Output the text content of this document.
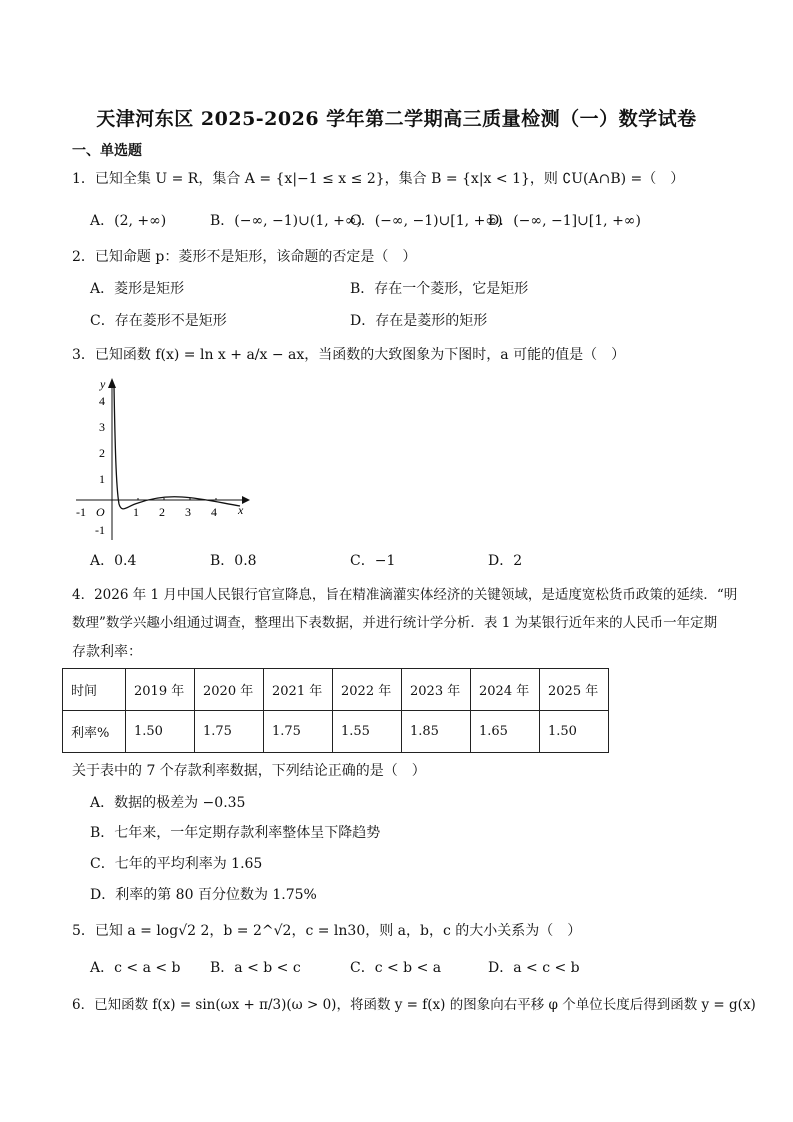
天津河东区 2025-2026 学年第二学期高三质量检测（一）数学试卷
一、单选题
1．已知全集 U = R，集合 A = {x|−1 ≤ x ≤ 2}，集合 B = {x|x < 1}，则 ∁U(A∩B) =（　）
A．(2, +∞)	B．(−∞, −1)∪(1, +∞)
C．(−∞, −1)∪[1, +∞)
D．(−∞, −1]∪[1, +∞)
2．已知命题 p：菱形不是矩形，该命题的否定是（　）
A．菱形是矩形	B．存在一个菱形，它是矩形
C．存在菱形不是矩形	D．存在是菱形的矩形
3．已知函数 f(x) = ln x + a/x − ax，当函数的大致图象为下图时，a 可能的值是（　）
y
x
O
4
3
2
1
-1
-1	1 2 3 4
A．0.4	B．0.8	C．−1	D．2
4．2026 年 1 月中国人民银行官宣降息，旨在精准滴灌实体经济的关键领域，是适度宽松货币政策的延续．“明
数理”数学兴趣小组通过调查，整理出下表数据，并进行统计学分析．表 1 为某银行近年来的人民币一年定期
存款利率：
时间	2019 年	2020 年	2021 年	2022 年	2023 年	2024 年	2025 年
利率%	1.50	1.75	1.75	1.55	1.85	1.65	1.50
关于表中的 7 个存款利率数据，下列结论正确的是（　）
A．数据的极差为 −0.35
B．七年来，一年定期存款利率整体呈下降趋势
C．七年的平均利率为 1.65
D．利率的第 80 百分位数为 1.75%
5．已知 a = log√2 2，b = 2^√2，c = ln30，则 a，b，c 的大小关系为（　）
A．c < a < b B．a < b < c	C．c < b < a	D．a < c < b
6．已知函数 f(x) = sin(ωx + π/3)(ω > 0)，将函数 y = f(x) 的图象向右平移 φ 个单位长度后得到函数 y = g(x)
